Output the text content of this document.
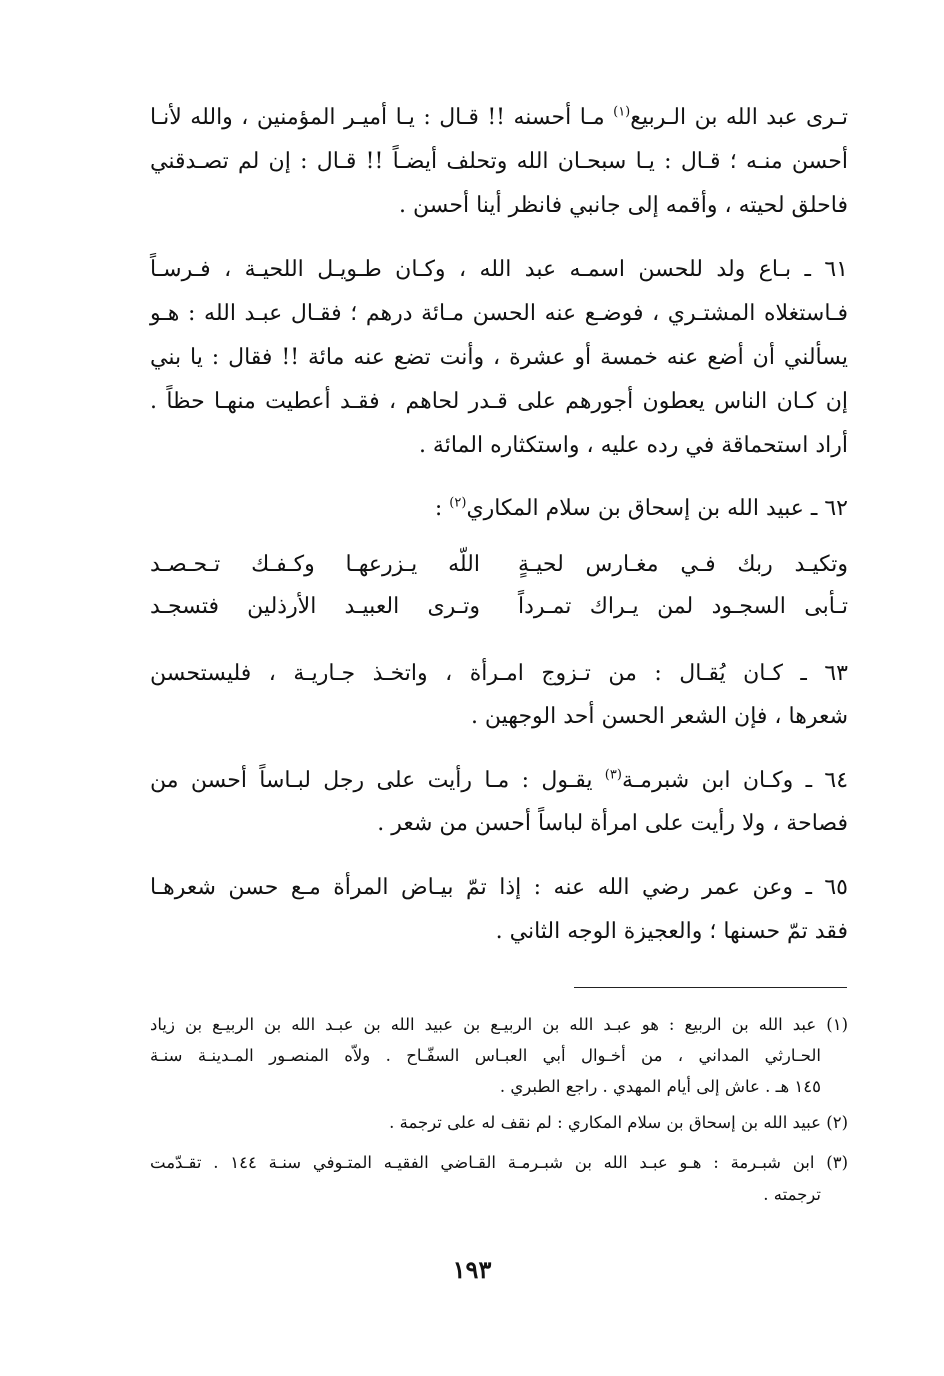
تـرى عبد الله بن الـربيع$^{(١)}$ مـا أحسنه !! قـال : يـا أميـر المؤمنين ، والله لأنـا
أحسن منـه ؛ قـال : يـا سبحـان الله وتحلف أيضـاً !! قـال : إن لم تصـدقني
فاحلق لحيته ، وأقمه إلى جانبي فانظر أينا أحسن .
٦١ ـ بـاع ولد للحسن اسمـه عبد الله ، وكـان طـويـل اللحيـة ، فـرسـاً
فـاستغلاه المشتـري ، فوضـع عنه الحسن مـائة درهم ؛ فقـال عبـد الله : هـو
يسألني أن أضع عنه خمسة أو عشرة ، وأنت تضع عنه مائة !! فقال : يا بني
إن كـان الناس يعطون أجورهم على قـدر لحاهم ، فقـد أعطيت منهـا حظاً .
أراد استحماقة في رده عليه ، واستكثاره المائة .
٦٢ ـ عبيد الله بن إسحاق بن سلام المكاري$^{(٢)}$ :
وتكيـد ربك فـي مغـارس لحيـةٍ
اللّه يـزرعهـا وكـفـك تـحـصـد
تـأبى السجـود لمن يـراك تمـرداً
وتـرى العبيـد الأرذلين فتسجـد
٦٣ ـ كـان يُقـال : من تـزوج امـرأة ، واتخـذ جـاريـة ، فليستحسن
شعرها ، فإن الشعر الحسن أحد الوجهين .
٦٤ ـ وكـان ابن شبرمـة$^{(٣)}$ يقـول : مـا رأيت على رجل لبـاساً أحسن من
فصاحة ، ولا رأيت على امرأة لباساً أحسن من شعر .
٦٥ ـ وعن عمر رضي الله عنه : إذا تمّ بيـاض المرأة مـع حسن شعرهـا
فقد تمّ حسنها ؛ والعجيزة الوجه الثاني .
(١) عبد الله بن الربيع : هو عبـد الله بن الربيـع بن عبيد الله بن عبـد الله بن الربيـع بن زياد
الحـارثي المداني ، من أخـوال أبي العبـاس السفّـاح . ولاّه المنصـور المـدينـة سنـة
١٤٥ هـ . عاش إلى أيام المهدي . راجع الطبري .
(٢) عبيد الله بن إسحاق بن سلام المكاري : لم نقف له على ترجمة .
(٣) ابن شبـرمة : هـو عبـد الله بن شبـرمـة القـاضي الفقيـه المتـوفي سنـة ١٤٤ . تقـدّمت
ترجمته .
١٩٣
